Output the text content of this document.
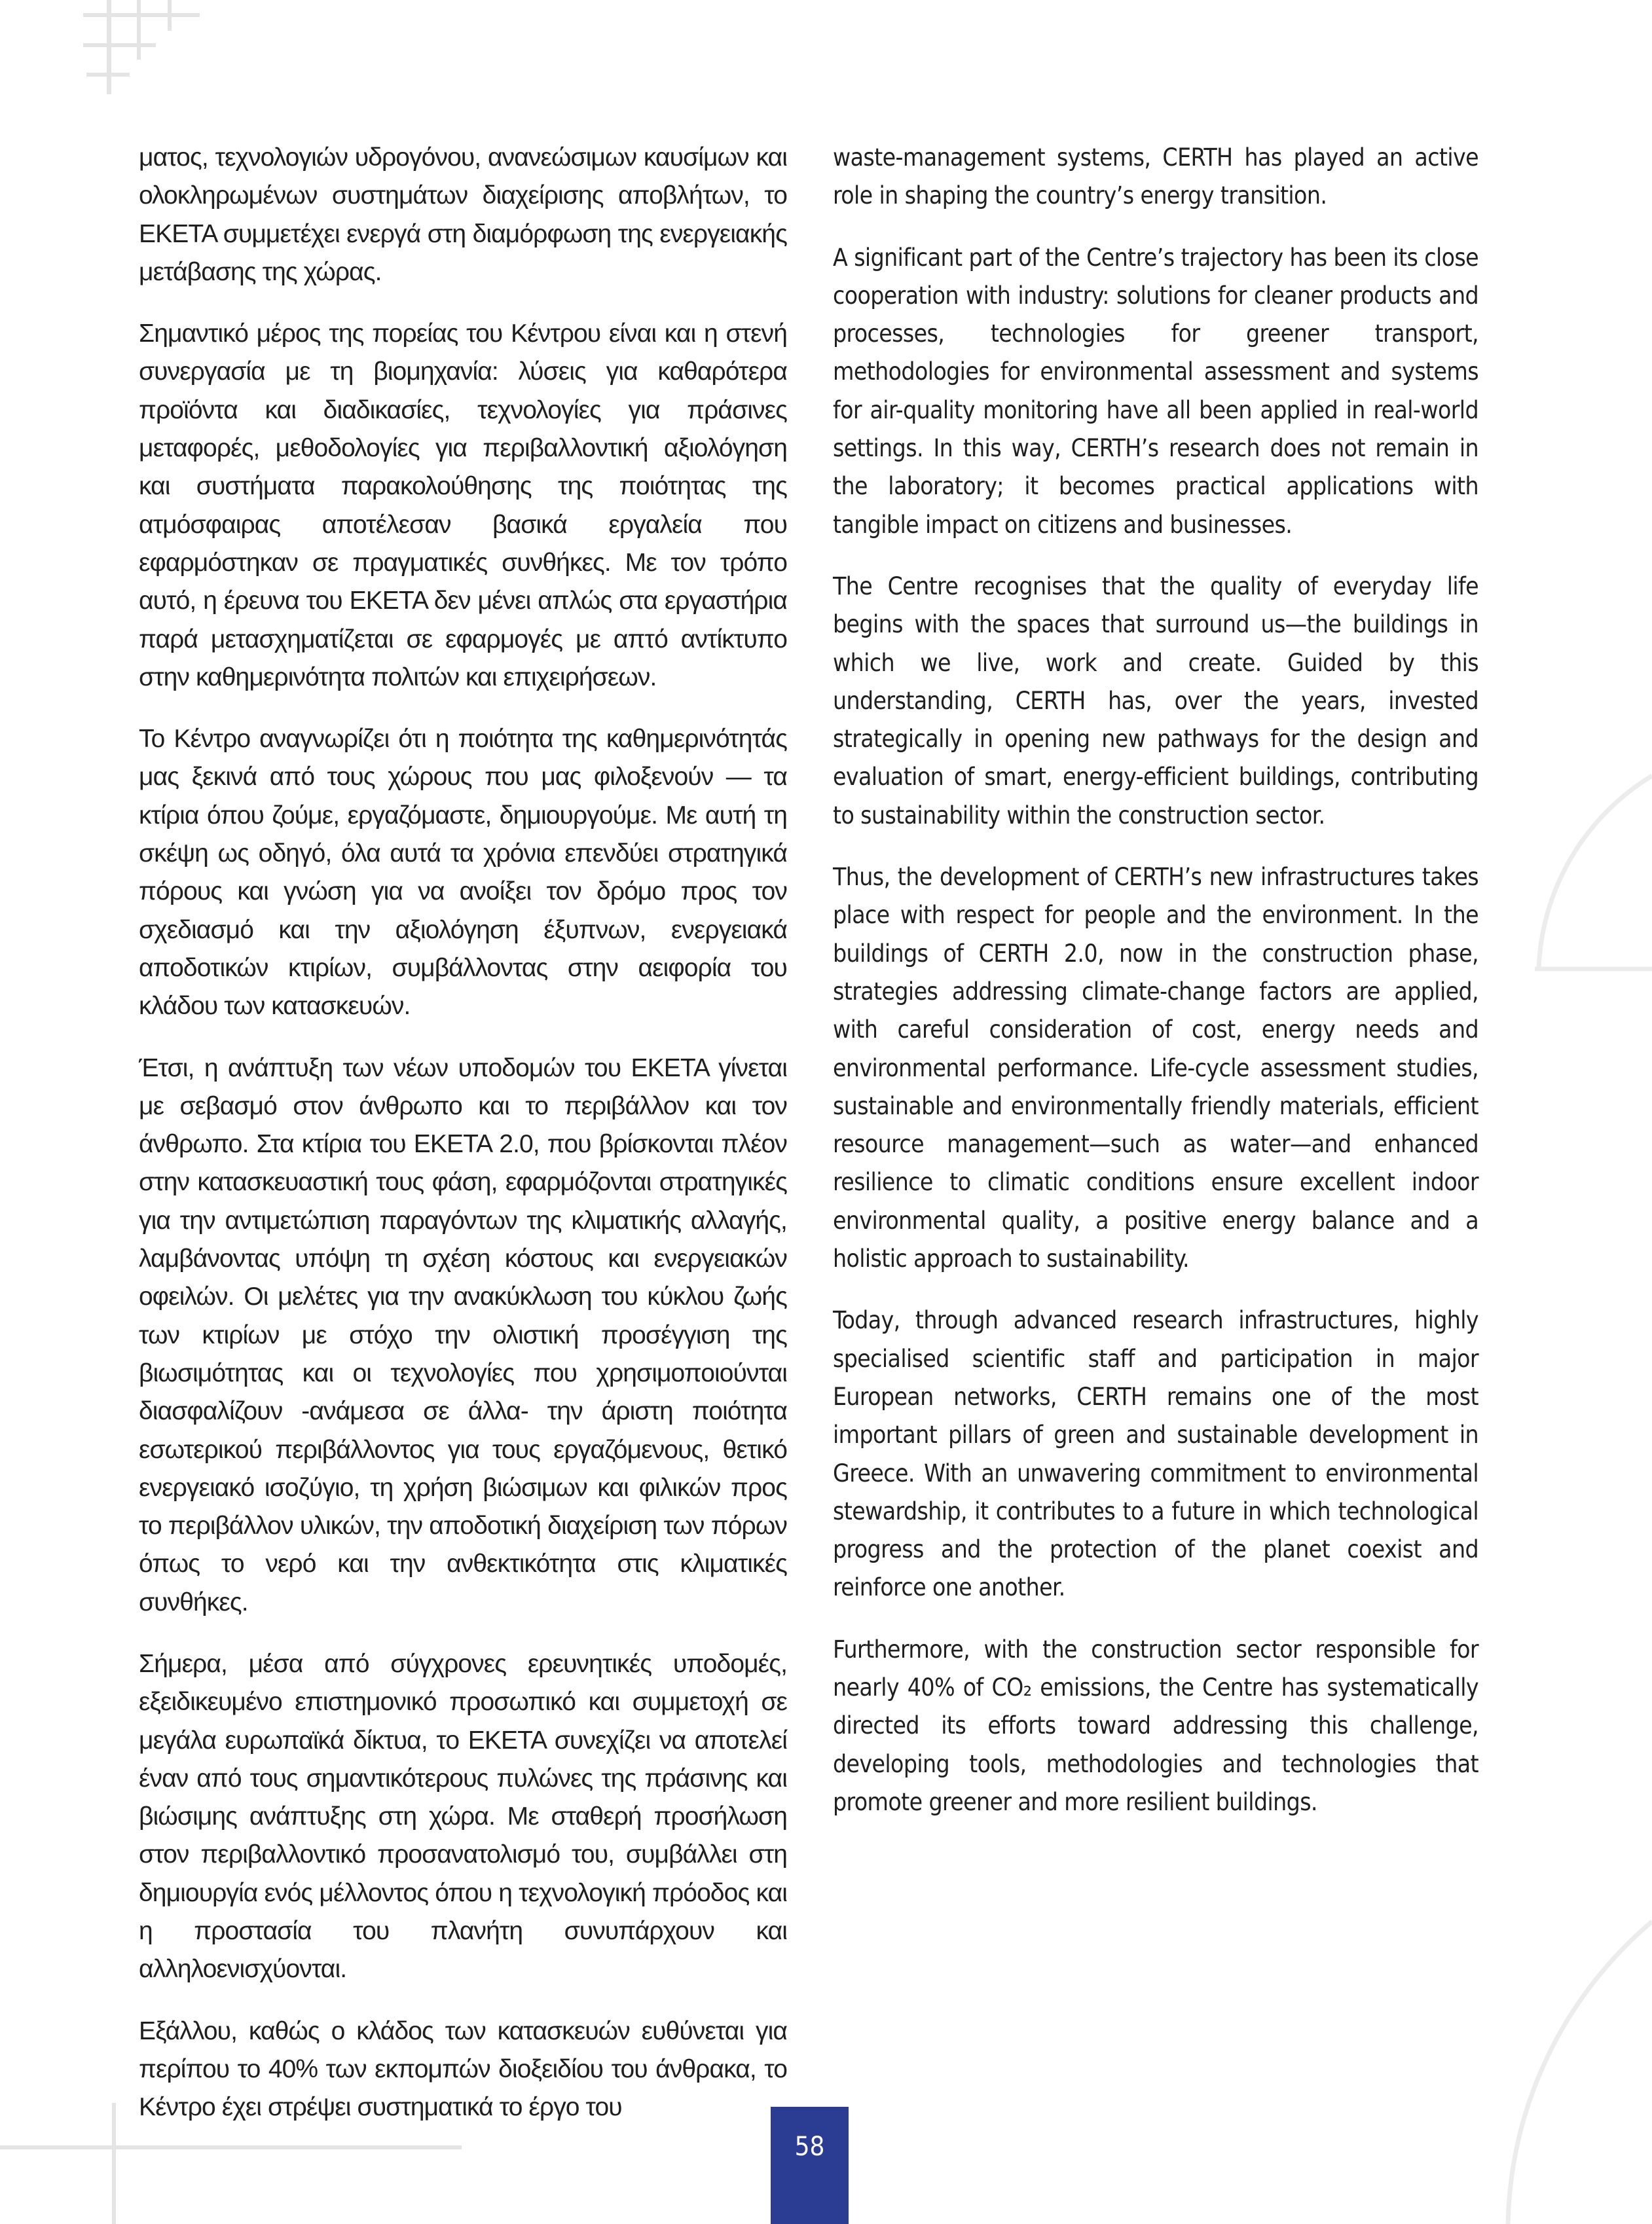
ματος, τεχνολογιών υδρογόνου, ανανεώσιμων καυσίμων και ολοκληρωμένων συστημάτων διαχείρισης αποβλήτων, το ΕΚΕΤΑ συμμετέχει ενεργά στη διαμόρφωση της ενεργειακής μετάβασης της χώρας.

Σημαντικό μέρος της πορείας του Κέντρου είναι και η στενή συνεργασία με τη βιομηχανία: λύσεις για καθαρότερα προϊόντα και διαδικασίες, τεχνολογίες για πράσινες μεταφορές, μεθοδολογίες για περιβαλλοντική αξιολόγηση και συστήματα παρακολούθησης της ποιότητας της ατμόσφαιρας αποτέλεσαν βασικά εργαλεία που εφαρμόστηκαν σε πραγματικές συνθήκες. Με τον τρόπο αυτό, η έρευνα του ΕΚΕΤΑ δεν μένει απλώς στα εργαστήρια παρά μετασχηματίζεται σε εφαρμογές με απτό αντίκτυπο στην καθημερινότητα πολιτών και επιχειρήσεων.

Το Κέντρο αναγνωρίζει ότι η ποιότητα της καθημερινότητάς μας ξεκινά από τους χώρους που μας φιλοξενούν — τα κτίρια όπου ζούμε, εργαζόμαστε, δημιουργούμε. Με αυτή τη σκέψη ως οδηγό, όλα αυτά τα χρόνια επενδύει στρατηγικά πόρους και γνώση για να ανοίξει τον δρόμο προς τον σχεδιασμό και την αξιολόγηση έξυπνων, ενεργειακά αποδοτικών κτιρίων, συμβάλλοντας στην αειφορία του κλάδου των κατασκευών.

Έτσι, η ανάπτυξη των νέων υποδομών του ΕΚΕΤΑ γίνεται με σεβασμό στον άνθρωπο και το περιβάλλον και τον άνθρωπο. Στα κτίρια του ΕΚΕΤΑ 2.0, που βρίσκονται πλέον στην κατασκευαστική τους φάση, εφαρμόζονται στρατηγικές για την αντιμετώπιση παραγόντων της κλιματικής αλλαγής, λαμβάνοντας υπόψη τη σχέση κόστους και ενεργειακών οφειλών. Οι μελέτες για την ανακύκλωση του κύκλου ζωής των κτιρίων με στόχο την ολιστική προσέγγιση της βιωσιμότητας και οι τεχνολογίες που χρησιμοποιούνται διασφαλίζουν -ανάμεσα σε άλλα- την άριστη ποιότητα εσωτερικού περιβάλλοντος για τους εργαζόμενους, θετικό ενεργειακό ισοζύγιο, τη χρήση βιώσιμων και φιλικών προς το περιβάλλον υλικών, την αποδοτική διαχείριση των πόρων όπως το νερό και την ανθεκτικότητα στις κλιματικές συνθήκες.

Σήμερα, μέσα από σύγχρονες ερευνητικές υποδομές, εξειδικευμένο επιστημονικό προσωπικό και συμμετοχή σε μεγάλα ευρωπαϊκά δίκτυα, το ΕΚΕΤΑ συνεχίζει να αποτελεί έναν από τους σημαντικότερους πυλώνες της πράσινης και βιώσιμης ανάπτυξης στη χώρα. Με σταθερή προσήλωση στον περιβαλλοντικό προσανατολισμό του, συμβάλλει στη δημιουργία ενός μέλλοντος όπου η τεχνολογική πρόοδος και η προστασία του πλανήτη συνυπάρχουν και αλληλοενισχύονται.

Εξάλλου, καθώς ο κλάδος των κατασκευών ευθύνεται για περίπου το 40% των εκπομπών διοξειδίου του άνθρακα, το Κέντρο έχει στρέψει συστηματικά το έργο του

waste-management systems, CERTH has played an active role in shaping the country’s energy transition.

A significant part of the Centre’s trajectory has been its close cooperation with industry: solutions for cleaner products and processes, technologies for greener transport, methodologies for environmental assessment and systems for air-quality monitoring have all been applied in real-world settings. In this way, CERTH’s research does not remain in the laboratory; it becomes practical applications with tangible impact on citizens and businesses.

The Centre recognises that the quality of everyday life begins with the spaces that surround us—the buildings in which we live, work and create. Guided by this understanding, CERTH has, over the years, invested strategically in opening new pathways for the design and evaluation of smart, energy-efficient buildings, contributing to sustainability within the construction sector.

Thus, the development of CERTH’s new infrastructures takes place with respect for people and the environment. In the buildings of CERTH 2.0, now in the construction phase, strategies addressing climate-change factors are applied, with careful consideration of cost, energy needs and environmental performance. Life-cycle assessment studies, sustainable and environmentally friendly materials, efficient resource management—such as water—and enhanced resilience to climatic conditions ensure excellent indoor environmental quality, a positive energy balance and a holistic approach to sustainability.

Today, through advanced research infrastructures, highly specialised scientific staff and participation in major European networks, CERTH remains one of the most important pillars of green and sustainable development in Greece. With an unwavering commitment to environmental stewardship, it contributes to a future in which technological progress and the protection of the planet coexist and reinforce one another.

Furthermore, with the construction sector responsible for nearly 40% of CO₂ emissions, the Centre has systematically directed its efforts toward addressing this challenge, developing tools, methodologies and technologies that promote greener and more resilient buildings.

58
